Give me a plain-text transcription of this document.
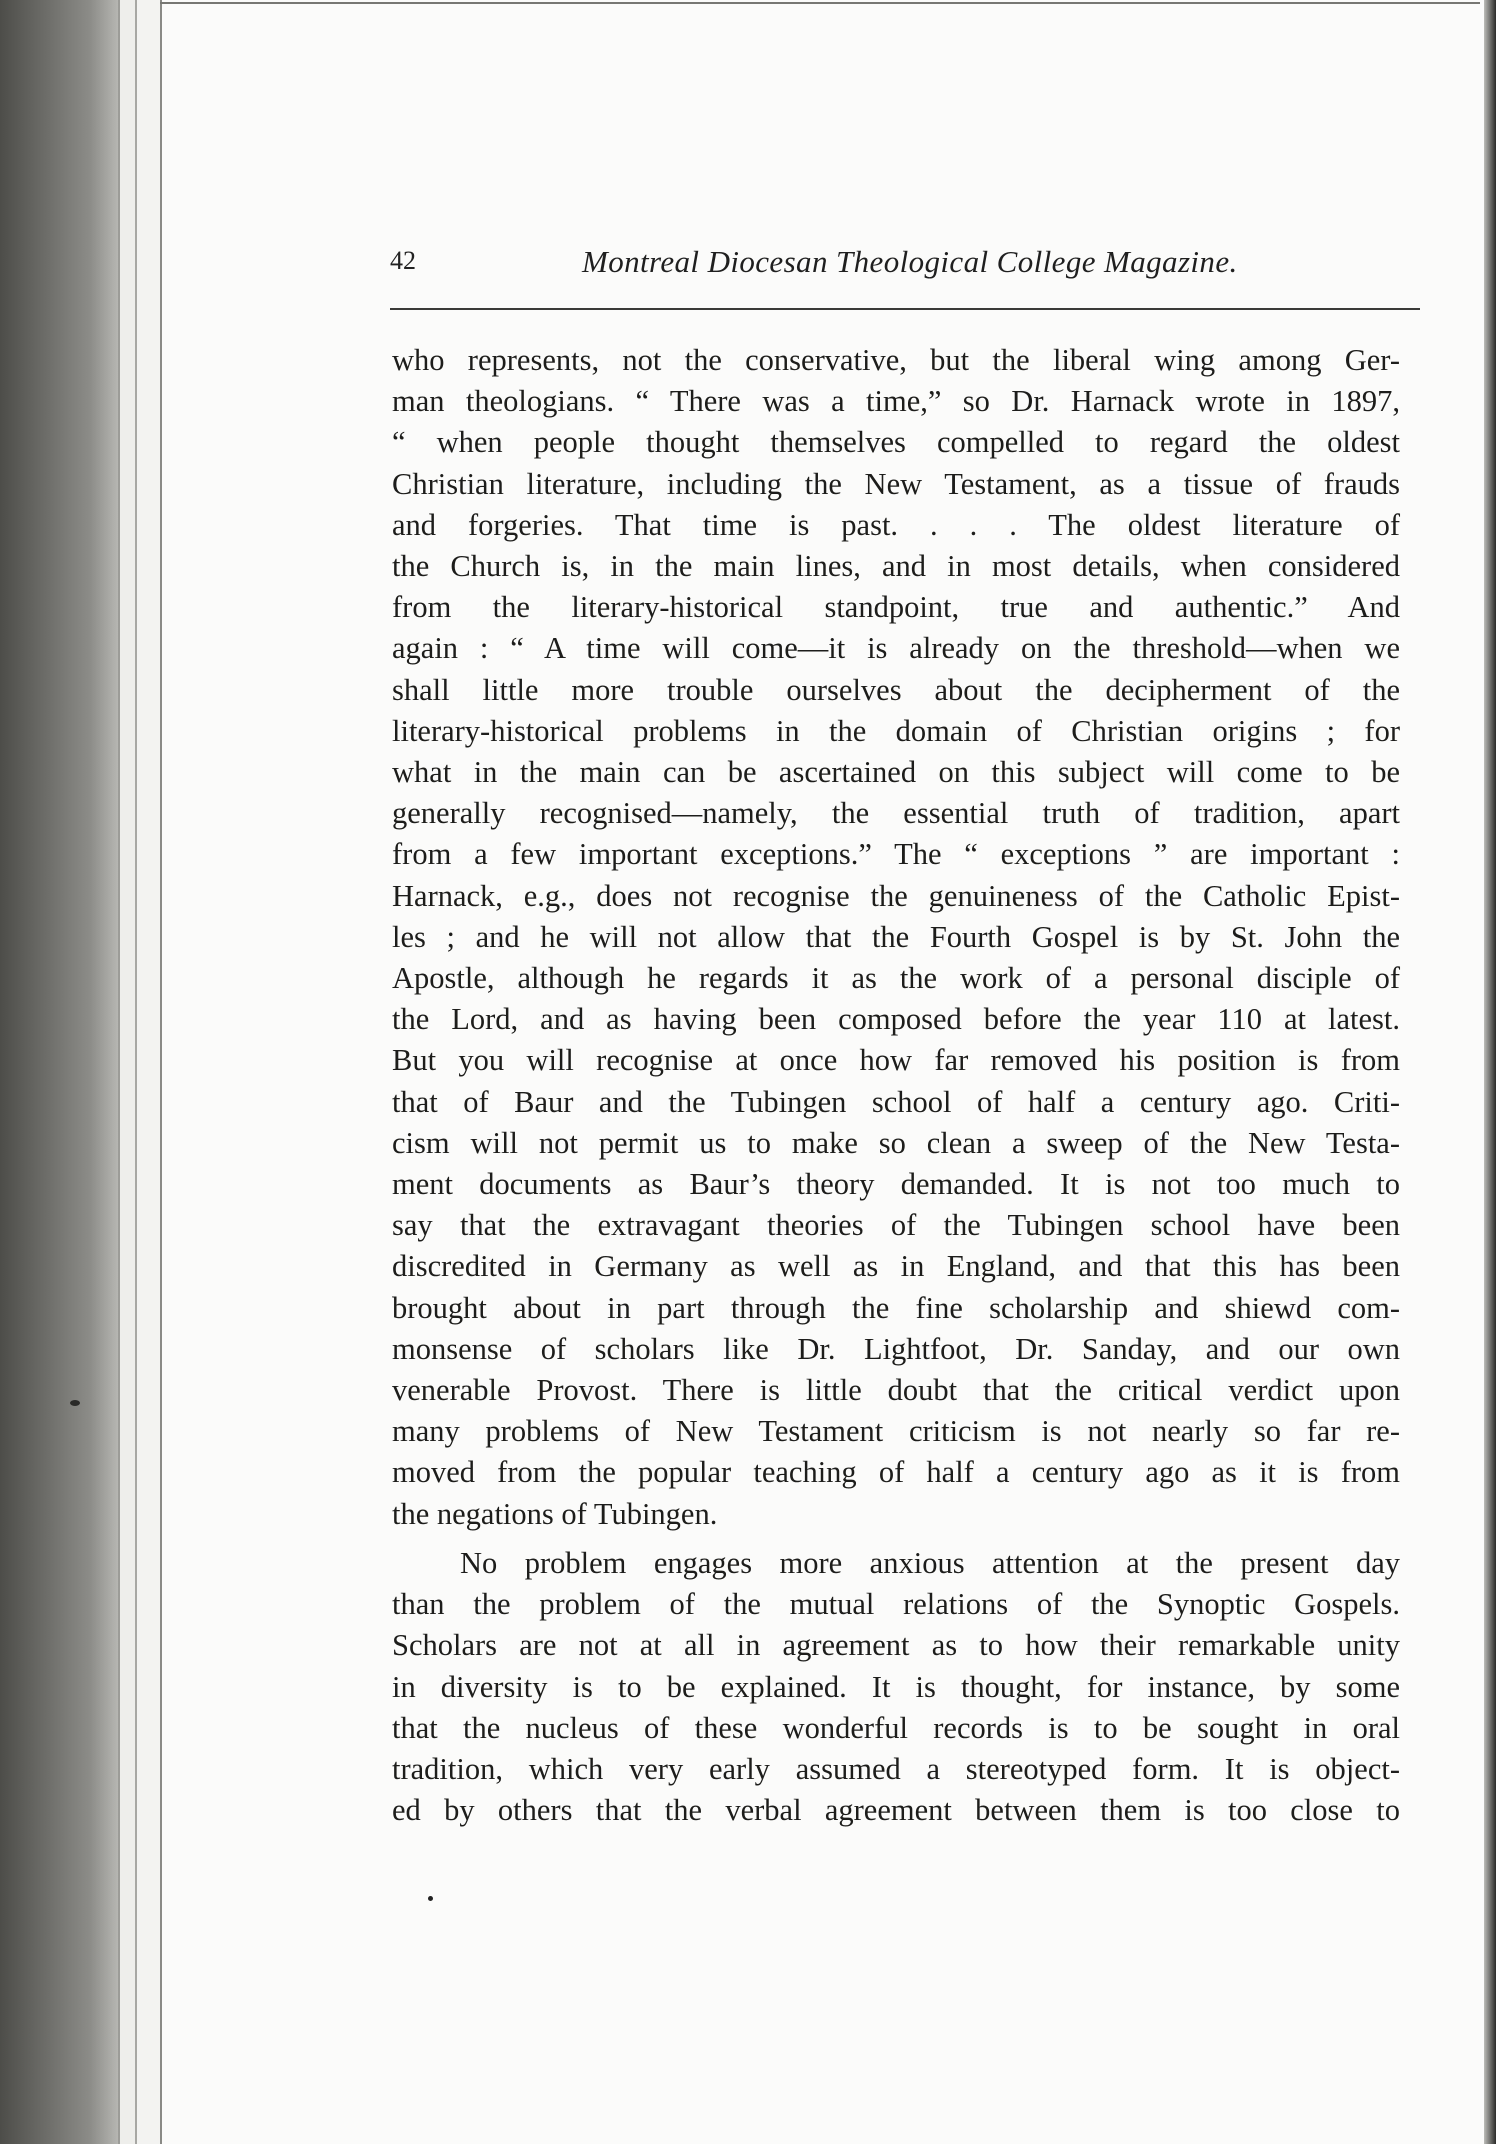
42	Montreal Diocesan Theological College Magazine.
who represents, not the conservative, but the liberal wing among Ger-
man theologians. “ There was a time,” so Dr. Harnack wrote in 1897,
“ when people thought themselves compelled to regard the oldest
Christian literature, including the New Testament, as a tissue of frauds
and forgeries. That time is past. . . . The oldest literature of
the Church is, in the main lines, and in most details, when considered
from the literary-historical standpoint, true and authentic.” And
again : “ A time will come—it is already on the threshold—when we
shall little more trouble ourselves about the decipherment of the
literary-historical problems in the domain of Christian origins ; for
what in the main can be ascertained on this subject will come to be
generally recognised—namely, the essential truth of tradition, apart
from a few important exceptions.” The “ exceptions ” are important :
Harnack, e.g., does not recognise the genuineness of the Catholic Epist-
les ; and he will not allow that the Fourth Gospel is by St. John the
Apostle, although he regards it as the work of a personal disciple of
the Lord, and as having been composed before the year 110 at latest.
But you will recognise at once how far removed his position is from
that of Baur and the Tubingen school of half a century ago. Criti-
cism will not permit us to make so clean a sweep of the New Testa-
ment documents as Baur’s theory demanded. It is not too much to
say that the extravagant theories of the Tubingen school have been
discredited in Germany as well as in England, and that this has been
brought about in part through the fine scholarship and shiewd com-
monsense of scholars like Dr. Lightfoot, Dr. Sanday, and our own
venerable Provost. There is little doubt that the critical verdict upon
many problems of New Testament criticism is not nearly so far re-
moved from the popular teaching of half a century ago as it is from
the negations of Tubingen.
No problem engages more anxious attention at the present day
than the problem of the mutual relations of the Synoptic Gospels.
Scholars are not at all in agreement as to how their remarkable unity
in diversity is to be explained. It is thought, for instance, by some
that the nucleus of these wonderful records is to be sought in oral
tradition, which very early assumed a stereotyped form. It is object-
ed by others that the verbal agreement between them is too close to
